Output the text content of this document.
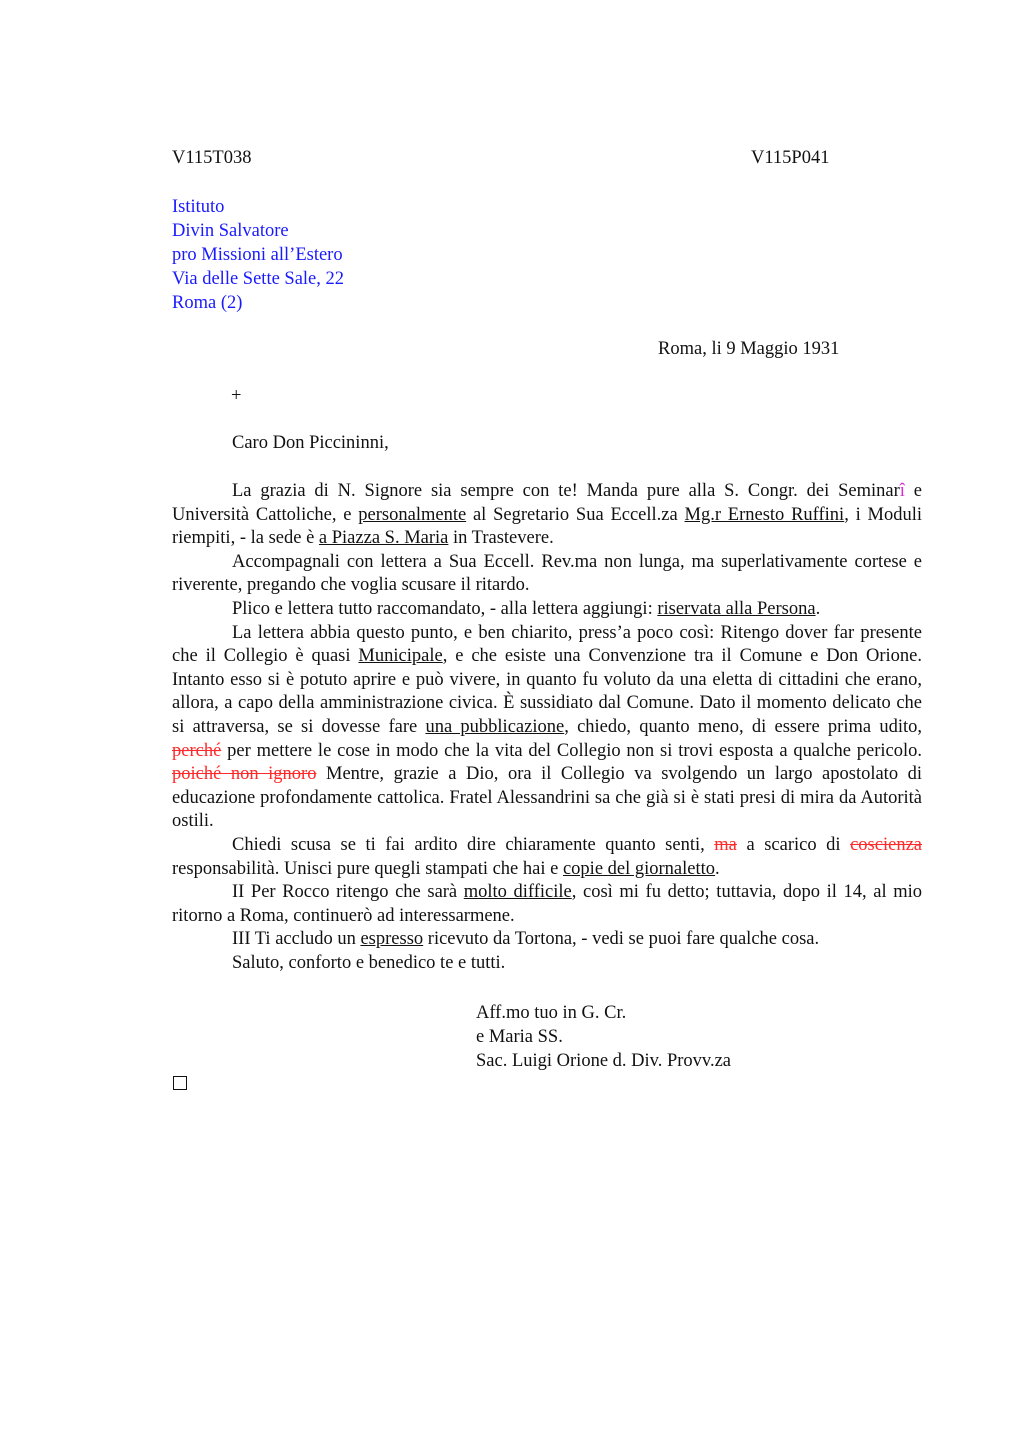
V115T038	V115P041
Istituto
Divin Salvatore
pro Missioni all’Estero
Via delle Sette Sale, 22
Roma (2)
Roma, li 9 Maggio 1931
+
Caro Don Piccininni,

La grazia di N. Signore sia sempre con te! Manda pure alla S. Congr. dei Seminarî e Università Cattoliche, e personalmente al Segretario Sua Eccell.za Mg.r Ernesto Ruffini, i Moduli riempiti, - la sede è a Piazza S. Maria in Trastevere.

Accompagnali con lettera a Sua Eccell. Rev.ma non lunga, ma superlativamente cortese e riverente, pregando che voglia scusare il ritardo.

Plico e lettera tutto raccomandato, - alla lettera aggiungi: riservata alla Persona.

La lettera abbia questo punto, e ben chiarito, press’a poco così: Ritengo dover far presente che il Collegio è quasi Municipale, e che esiste una Convenzione tra il Comune e Don Orione. Intanto esso si è potuto aprire e può vivere, in quanto fu voluto da una eletta di cittadini che erano, allora, a capo della amministrazione civica. È sussidiato dal Comune. Dato il momento delicato che si attraversa, se si dovesse fare una pubblicazione, chiedo, quanto meno, di essere prima udito, perché per mettere le cose in modo che la vita del Collegio non si trovi esposta a qualche pericolo. poiché non ignoro Mentre, grazie a Dio, ora il Collegio va svolgendo un largo apostolato di educazione profondamente cattolica. Fratel Alessandrini sa che già si è stati presi di mira da Autorità ostili.

Chiedi scusa se ti fai ardito dire chiaramente quanto senti, ma a scarico di coscienza responsabilità. Unisci pure quegli stampati che hai e copie del giornaletto.

II Per Rocco ritengo che sarà molto difficile, così mi fu detto; tuttavia, dopo il 14, al mio ritorno a Roma, continuerò ad interessarmene.

III Ti accludo un espresso ricevuto da Tortona, - vedi se puoi fare qualche cosa.

Saluto, conforto e benedico te e tutti.

Aff.mo tuo in G. Cr.
e Maria SS.
Sac. Luigi Orione d. Div. Provv.za
